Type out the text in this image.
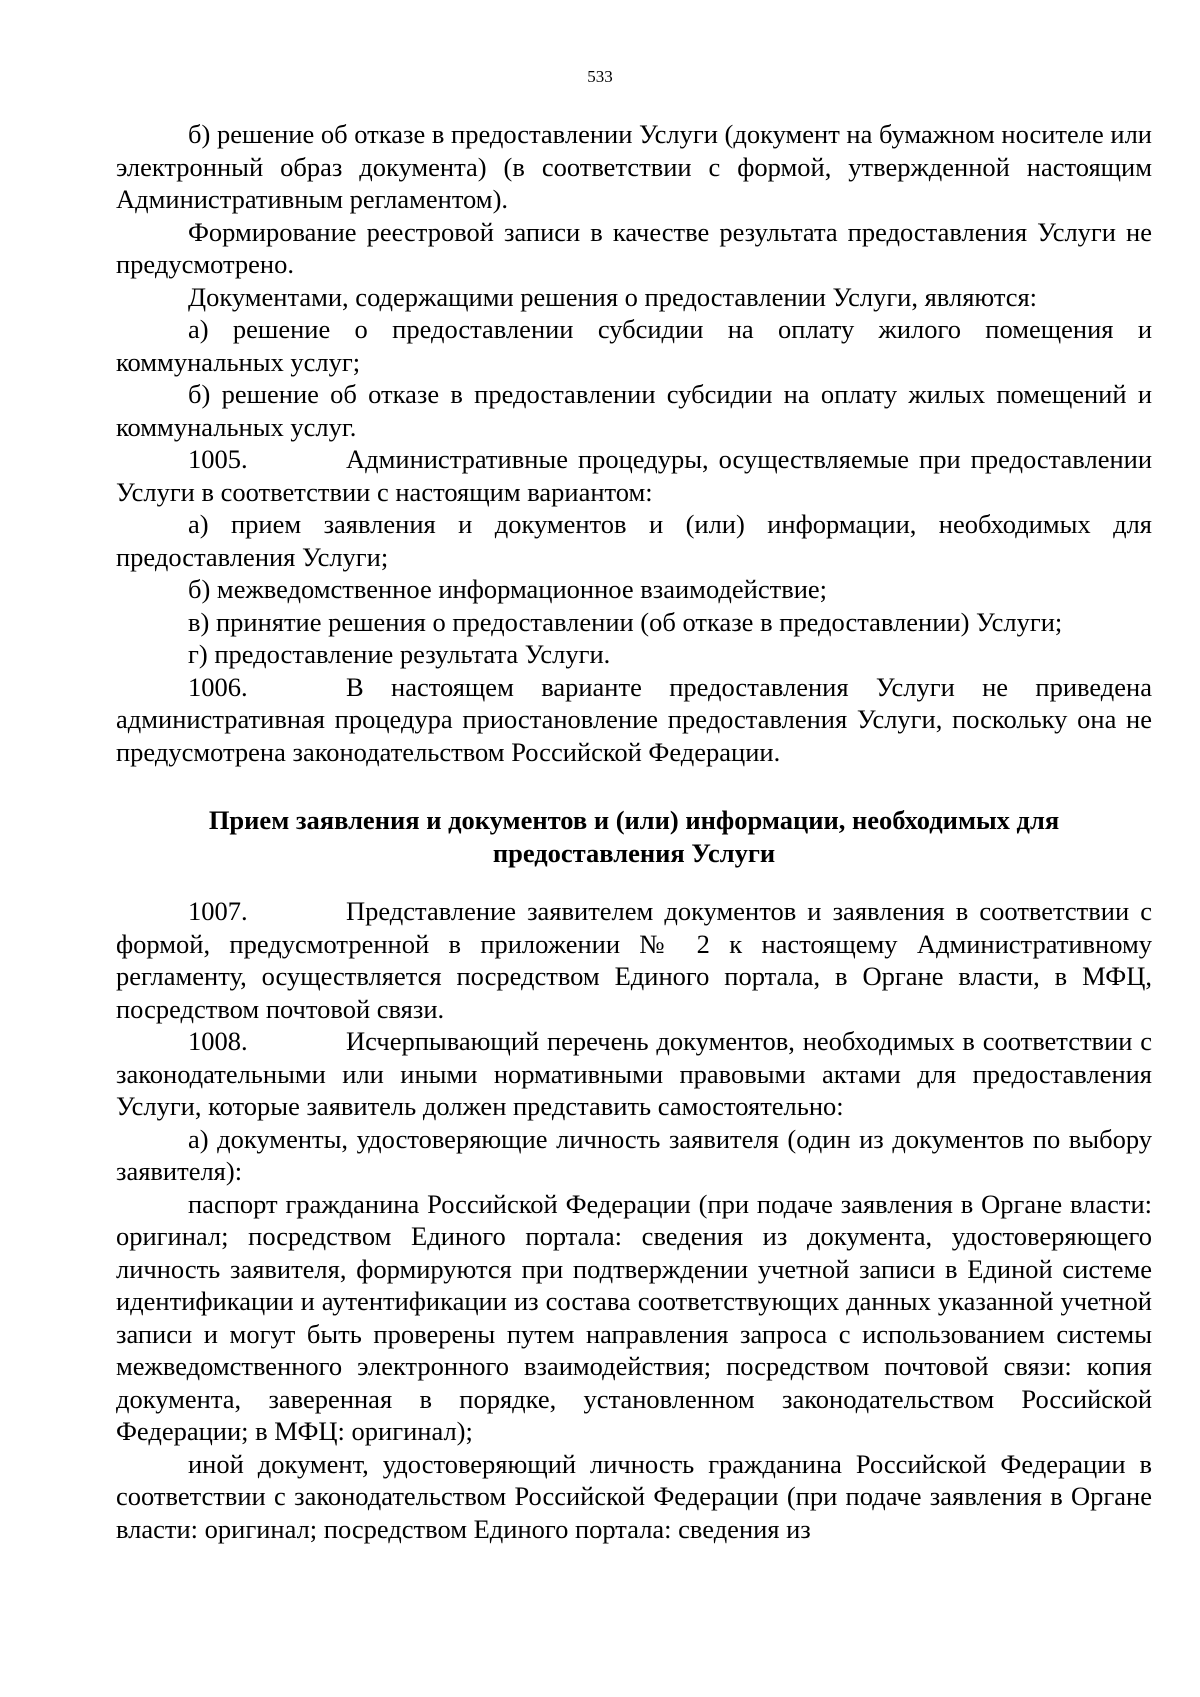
533

б) решение об отказе в предоставлении Услуги (документ на бумажном носителе или электронный образ документа) (в соответствии с формой, утвержденной настоящим Административным регламентом).

Формирование реестровой записи в качестве результата предоставления Услуги не предусмотрено.

Документами, содержащими решения о предоставлении Услуги, являются:

а) решение о предоставлении субсидии на оплату жилого помещения и коммунальных услуг;

б) решение об отказе в предоставлении субсидии на оплату жилых помещений и коммунальных услуг.

1005.	Административные процедуры, осуществляемые при предоставлении Услуги в соответствии с настоящим вариантом:

а) прием заявления и документов и (или) информации, необходимых для предоставления Услуги;

б) межведомственное информационное взаимодействие;

в) принятие решения о предоставлении (об отказе в предоставлении) Услуги;

г) предоставление результата Услуги.

1006.	В настоящем варианте предоставления Услуги не приведена административная процедура приостановление предоставления Услуги, поскольку она не предусмотрена законодательством Российской Федерации.

Прием заявления и документов и (или) информации, необходимых для предоставления Услуги

1007.	Представление заявителем документов и заявления в соответствии с формой, предусмотренной в приложении № 2 к настоящему Административному регламенту, осуществляется посредством Единого портала, в Органе власти, в МФЦ, посредством почтовой связи.

1008.	Исчерпывающий перечень документов, необходимых в соответствии с законодательными или иными нормативными правовыми актами для предоставления Услуги, которые заявитель должен представить самостоятельно:

а) документы, удостоверяющие личность заявителя (один из документов по выбору заявителя):

паспорт гражданина Российской Федерации (при подаче заявления в Органе власти: оригинал; посредством Единого портала: сведения из документа, удостоверяющего личность заявителя, формируются при подтверждении учетной записи в Единой системе идентификации и аутентификации из состава соответствующих данных указанной учетной записи и могут быть проверены путем направления запроса с использованием системы межведомственного электронного взаимодействия; посредством почтовой связи: копия документа, заверенная в порядке, установленном законодательством Российской Федерации; в МФЦ: оригинал);

иной документ, удостоверяющий личность гражданина Российской Федерации в соответствии с законодательством Российской Федерации (при подаче заявления в Органе власти: оригинал; посредством Единого портала: сведения из
